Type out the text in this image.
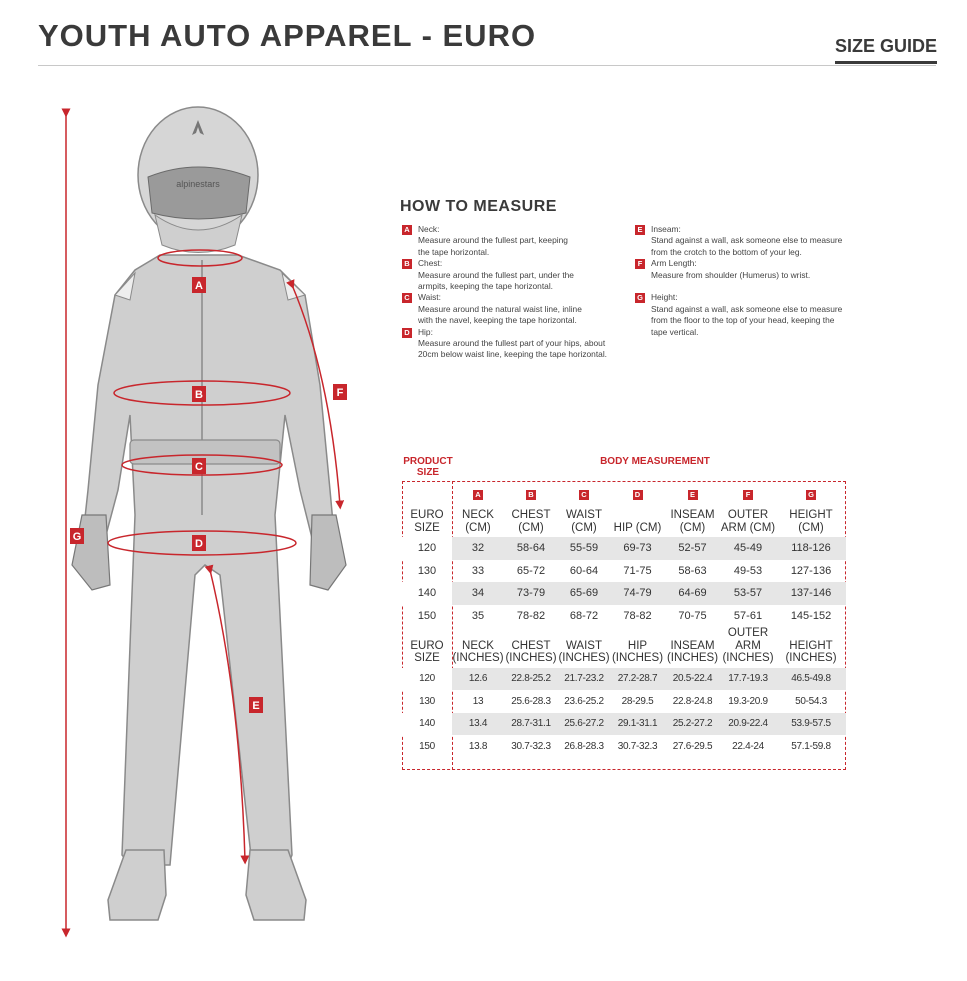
YOUTH AUTO APPAREL - EURO	SIZE GUIDE
alpinestars
A
B
C
D
E
F
G
HOW TO MEASURE
A Neck:
Measure around the fullest part, keeping
the tape horizontal.
B Chest:
Measure around the fullest part, under the
armpits, keeping the tape horizontal.
C Waist:
Measure around the natural waist line, inline
with the navel, keeping the tape horizontal.
D Hip:
Measure around the fullest part of your hips, about
20cm below waist line, keeping the tape horizontal.
E Inseam:
Stand against a wall, ask someone else to measure
from the crotch to the bottom of your leg.
F	Arm Length:
Measure from shoulder (Humerus) to wrist.
G Height:
Stand against a wall, ask someone else to measure
from the floor to the top of your head, keeping the
tape vertical.
PRODUCT SIZE
BODY MEASUREMENT
	A	B	C	D	E	F	G
EURO SIZE	NECK (CM)	CHEST (CM)	WAIST (CM)	HIP (CM)	INSEAM (CM)	OUTER ARM (CM)	HEIGHT (CM)
120	32	58-64	55-59	69-73	52-57	45-49	118-126
130	33	65-72	60-64	71-75	58-63	49-53	127-136
140	34	73-79	65-69	74-79	64-69	53-57	137-146
150	35	78-82	68-72	78-82	70-75	57-61	145-152
EURO SIZE	NECK (INCHES)	CHEST (INCHES)	WAIST (INCHES)	HIP (INCHES)	INSEAM (INCHES)	OUTER ARM (INCHES)	HEIGHT (INCHES)
120	12.6	22.8-25.2	21.7-23.2	27.2-28.7	20.5-22.4	17.7-19.3	46.5-49.8
130	13	25.6-28.3	23.6-25.2	28-29.5	22.8-24.8	19.3-20.9	50-54.3
140	13.4	28.7-31.1	25.6-27.2	29.1-31.1	25.2-27.2	20.9-22.4	53.9-57.5
150	13.8	30.7-32.3	26.8-28.3	30.7-32.3	27.6-29.5	22.4-24	57.1-59.8
